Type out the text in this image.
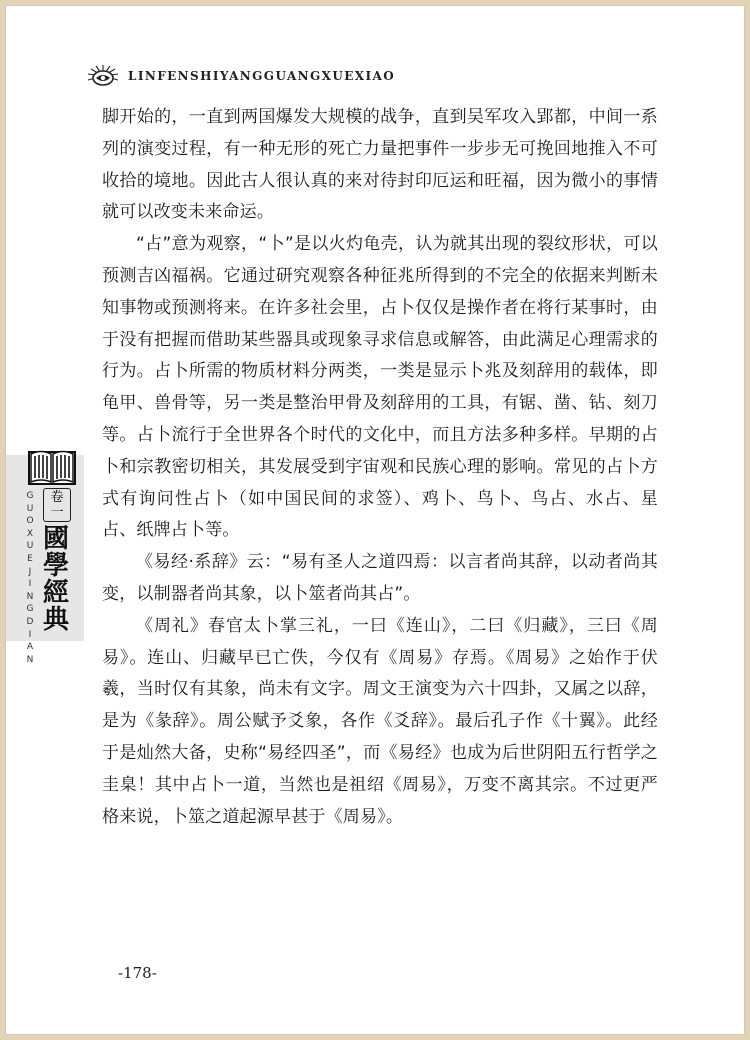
LINFENSHIYANGGUANGXUEXIAO
G
U
O
X
U
E
J
I
N
G
D
I
A
N
卷
一
國
學
經
典

脚开始的，一直到两国爆发大规模的战争，直到吴军攻入郢都，中间一系列的演变过程，有一种无形的死亡力量把事件一步步无可挽回地推入不可收拾的境地。因此古人很认真的来对待封印厄运和旺福，因为微小的事情就可以改变未来命运。

“占”意为观察，“卜”是以火灼龟壳，认为就其出现的裂纹形状，可以预测吉凶福祸。它通过研究观察各种征兆所得到的不完全的依据来判断未知事物或预测将来。在许多社会里，占卜仅仅是操作者在将行某事时，由于没有把握而借助某些器具或现象寻求信息或解答，由此满足心理需求的行为。占卜所需的物质材料分两类，一类是显示卜兆及刻辞用的载体，即龟甲、兽骨等，另一类是整治甲骨及刻辞用的工具，有锯、凿、钻、刻刀等。占卜流行于全世界各个时代的文化中，而且方法多种多样。早期的占卜和宗教密切相关，其发展受到宇宙观和民族心理的影响。常见的占卜方式有询问性占卜（如中国民间的求签）、鸡卜、鸟卜、鸟占、水占、星占、纸牌占卜等。

《易经·系辞》云：“易有圣人之道四焉：以言者尚其辞，以动者尚其变，以制器者尚其象，以卜筮者尚其占”。

《周礼》春官太卜掌三礼，一曰《连山》，二曰《归藏》，三曰《周易》。连山、归藏早已亡佚，今仅有《周易》存焉。《周易》之始作于伏羲，当时仅有其象，尚未有文字。周文王演变为六十四卦，又属之以辞，是为《彖辞》。周公赋予爻象，各作《爻辞》。最后孔子作《十翼》。此经于是灿然大备，史称“易经四圣”，而《易经》也成为后世阴阳五行哲学之圭臬！其中占卜一道，当然也是祖绍《周易》，万变不离其宗。不过更严格来说，卜筮之道起源早甚于《周易》。

-178-
